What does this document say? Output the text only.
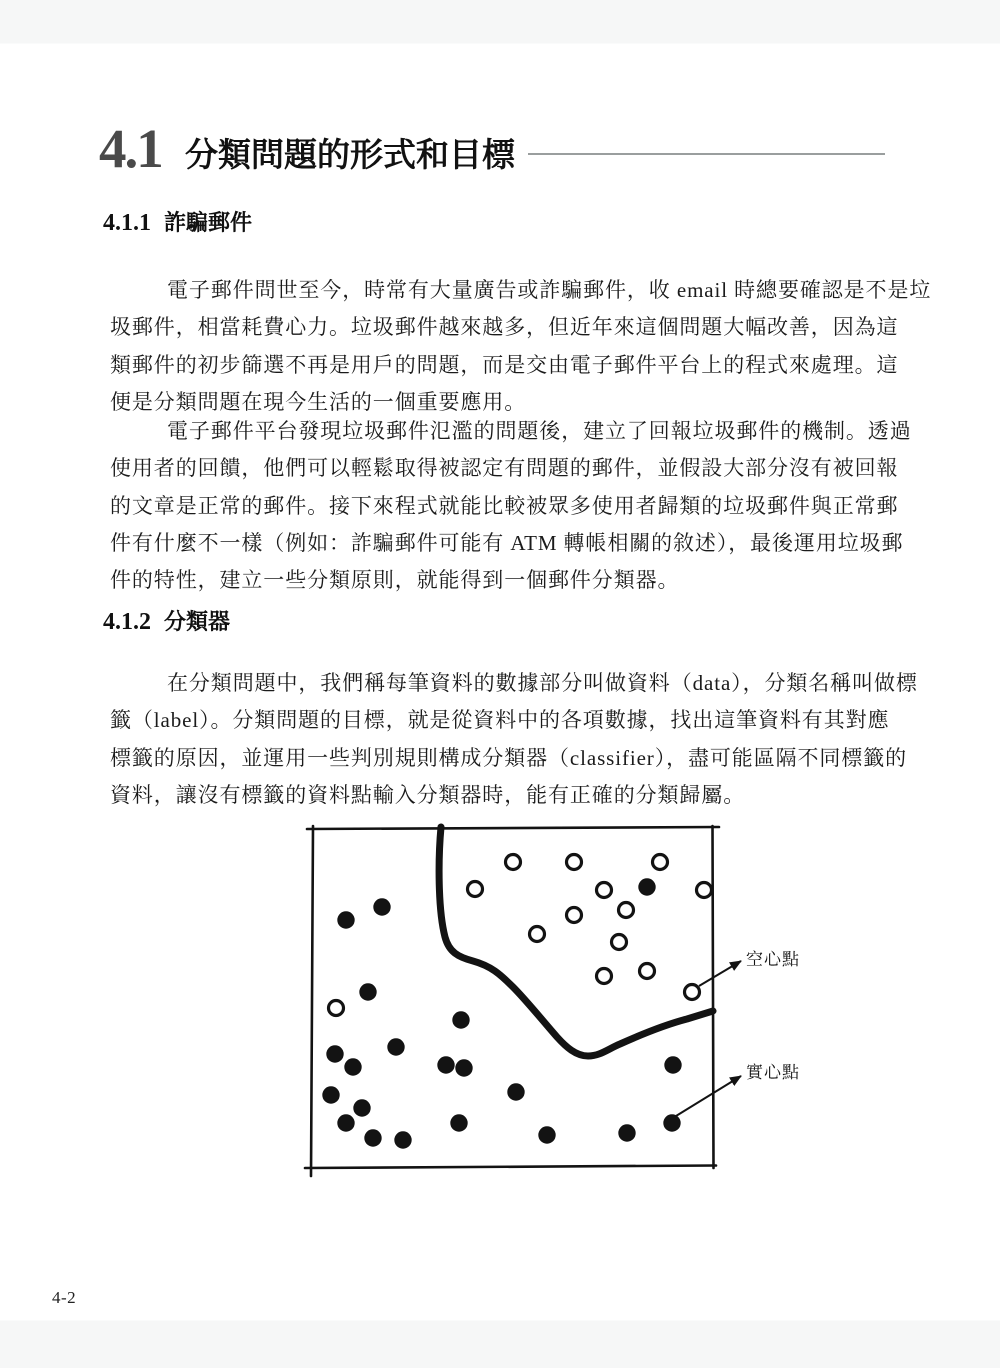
4.1 分類問題的形式和目標
4.1.1 詐騙郵件
電子郵件問世至今，時常有大量廣告或詐騙郵件，收 email 時總要確認是不是垃
圾郵件，相當耗費心力。垃圾郵件越來越多，但近年來這個問題大幅改善，因為這
類郵件的初步篩選不再是用戶的問題，而是交由電子郵件平台上的程式來處理。這
便是分類問題在現今生活的一個重要應用。
電子郵件平台發現垃圾郵件氾濫的問題後，建立了回報垃圾郵件的機制。透過
使用者的回饋，他們可以輕鬆取得被認定有問題的郵件，並假設大部分沒有被回報
的文章是正常的郵件。接下來程式就能比較被眾多使用者歸類的垃圾郵件與正常郵
件有什麼不一樣（例如：詐騙郵件可能有 ATM 轉帳相關的敘述），最後運用垃圾郵
件的特性，建立一些分類原則，就能得到一個郵件分類器。
4.1.2 分類器
在分類問題中，我們稱每筆資料的數據部分叫做資料（data），分類名稱叫做標
籤（label）。分類問題的目標，就是從資料中的各項數據，找出這筆資料有其對應
標籤的原因，並運用一些判別規則構成分類器（classifier），盡可能區隔不同標籤的
資料，讓沒有標籤的資料點輸入分類器時，能有正確的分類歸屬。
空心點
實心點
4-2
